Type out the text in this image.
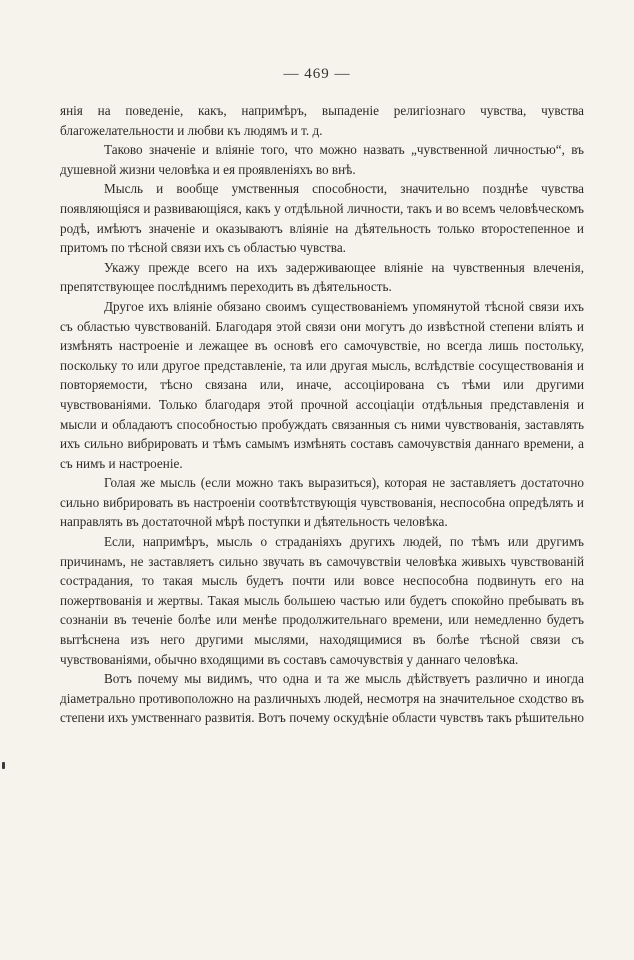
— 469 —

янія на поведеніе, какъ, напримѣръ, выпаденіе религіознаго чувства, чувства благожелательности и любви къ людямъ и т. д.

Таково значеніе и вліяніе того, что можно назвать „чувственной личностью“, въ душевной жизни человѣка и ея проявленіяхъ во внѣ.

Мысль и вообще умственныя способности, значительно позднѣе чувства появляющіяся и развивающіяся, какъ у отдѣльной личности, такъ и во всемъ человѣческомъ родѣ, имѣютъ значеніе и оказываютъ вліяніе на дѣятельность только второстепенное и притомъ по тѣсной связи ихъ съ областью чувства.

Укажу прежде всего на ихъ задерживающее вліяніе на чувственныя влеченія, препятствующее послѣднимъ переходить въ дѣятельность.

Другое ихъ вліяніе обязано своимъ существованіемъ упомянутой тѣсной связи ихъ съ областью чувствованій. Благодаря этой связи они могутъ до извѣстной степени вліять и измѣнять настроеніе и лежащее въ основѣ его самочувствіе, но всегда лишь постольку, поскольку то или другое представленіе, та или другая мысль, вслѣдствіе сосуществованія и повторяемости, тѣсно связана или, иначе, ассоціирована съ тѣми или другими чувствованіями. Только благодаря этой прочной ассоціаціи отдѣльныя представленія и мысли и обладаютъ способностью пробуждать связанныя съ ними чувствованія, заставлять ихъ сильно вибрировать и тѣмъ самымъ измѣнять составъ самочувствія даннаго времени, а съ нимъ и настроеніе.

Голая же мысль (если можно такъ выразиться), которая не заставляетъ достаточно сильно вибрировать въ настроеніи соотвѣтствующія чувствованія, неспособна опредѣлять и направлять въ достаточной мѣрѣ поступки и дѣятельность человѣка.

Если, напримѣръ, мысль о страданіяхъ другихъ людей, по тѣмъ или другимъ причинамъ, не заставляетъ сильно звучать въ самочувствіи человѣка живыхъ чувствованій сострадания, то такая мысль будетъ почти или вовсе неспособна подвинуть его на пожертвованія и жертвы. Такая мысль большею частью или будетъ спокойно пребывать въ сознаніи въ теченіе болѣе или менѣе продолжительнаго времени, или немедленно будетъ вытѣснена изъ него другими мыслями, находящимися въ болѣе тѣсной связи съ чувствованіями, обычно входящими въ составъ самочувствія у даннаго человѣка.

Вотъ почему мы видимъ, что одна и та же мысль дѣйствуетъ различно и иногда діаметрально противоположно на различныхъ людей, несмотря на значительное сходство въ степени ихъ умственнаго развитія. Вотъ почему оскудѣніе области чувствъ такъ рѣшительно
